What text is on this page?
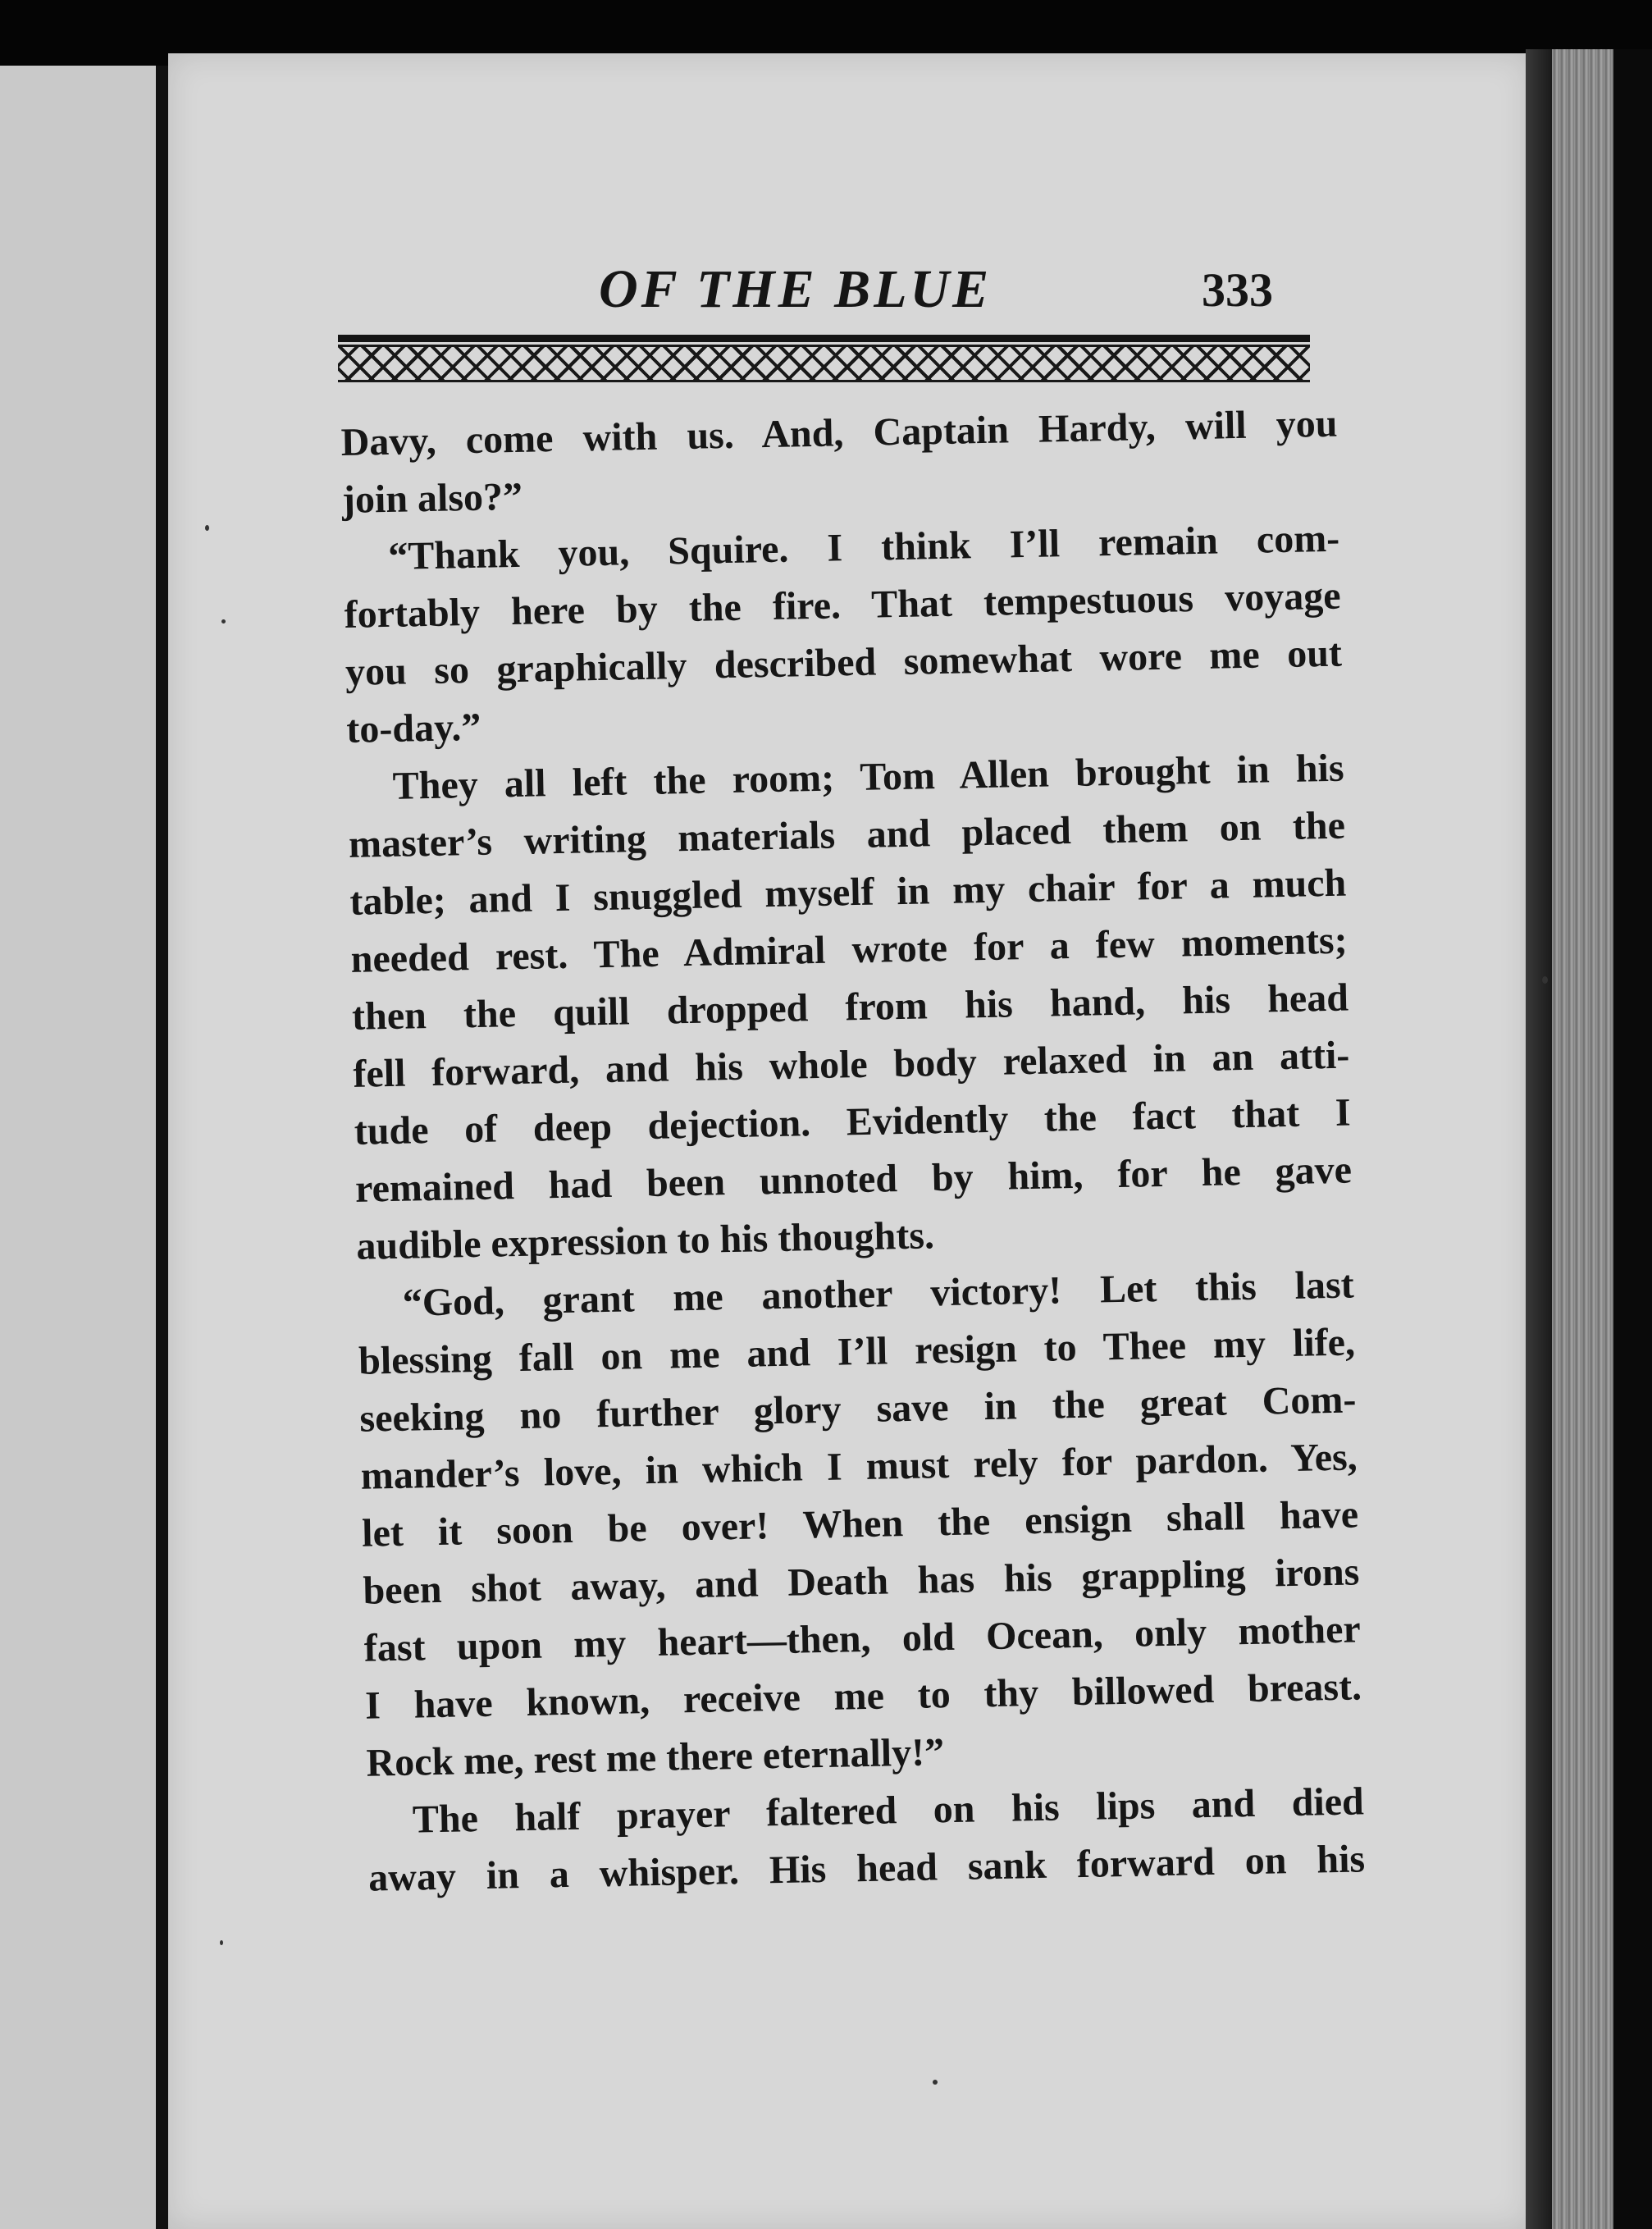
OF THE BLUE	333
Davy, come with us. And, Captain Hardy, will you
join also?”
“Thank you, Squire. I think I’ll remain com-
fortably here by the fire. That tempestuous voyage
you so graphically described somewhat wore me out
to-day.”
They all left the room; Tom Allen brought in his
master’s writing materials and placed them on the
table; and I snuggled myself in my chair for a much
needed rest. The Admiral wrote for a few moments;
then the quill dropped from his hand, his head
fell forward, and his whole body relaxed in an atti-
tude of deep dejection. Evidently the fact that I
remained had been unnoted by him, for he gave
audible expression to his thoughts.
“God, grant me another victory! Let this last
blessing fall on me and I’ll resign to Thee my life,
seeking no further glory save in the great Com-
mander’s love, in which I must rely for pardon. Yes,
let it soon be over! When the ensign shall have
been shot away, and Death has his grappling irons
fast upon my heart—then, old Ocean, only mother
I have known, receive me to thy billowed breast.
Rock me, rest me there eternally!”
The half prayer faltered on his lips and died
away in a whisper. His head sank forward on his
